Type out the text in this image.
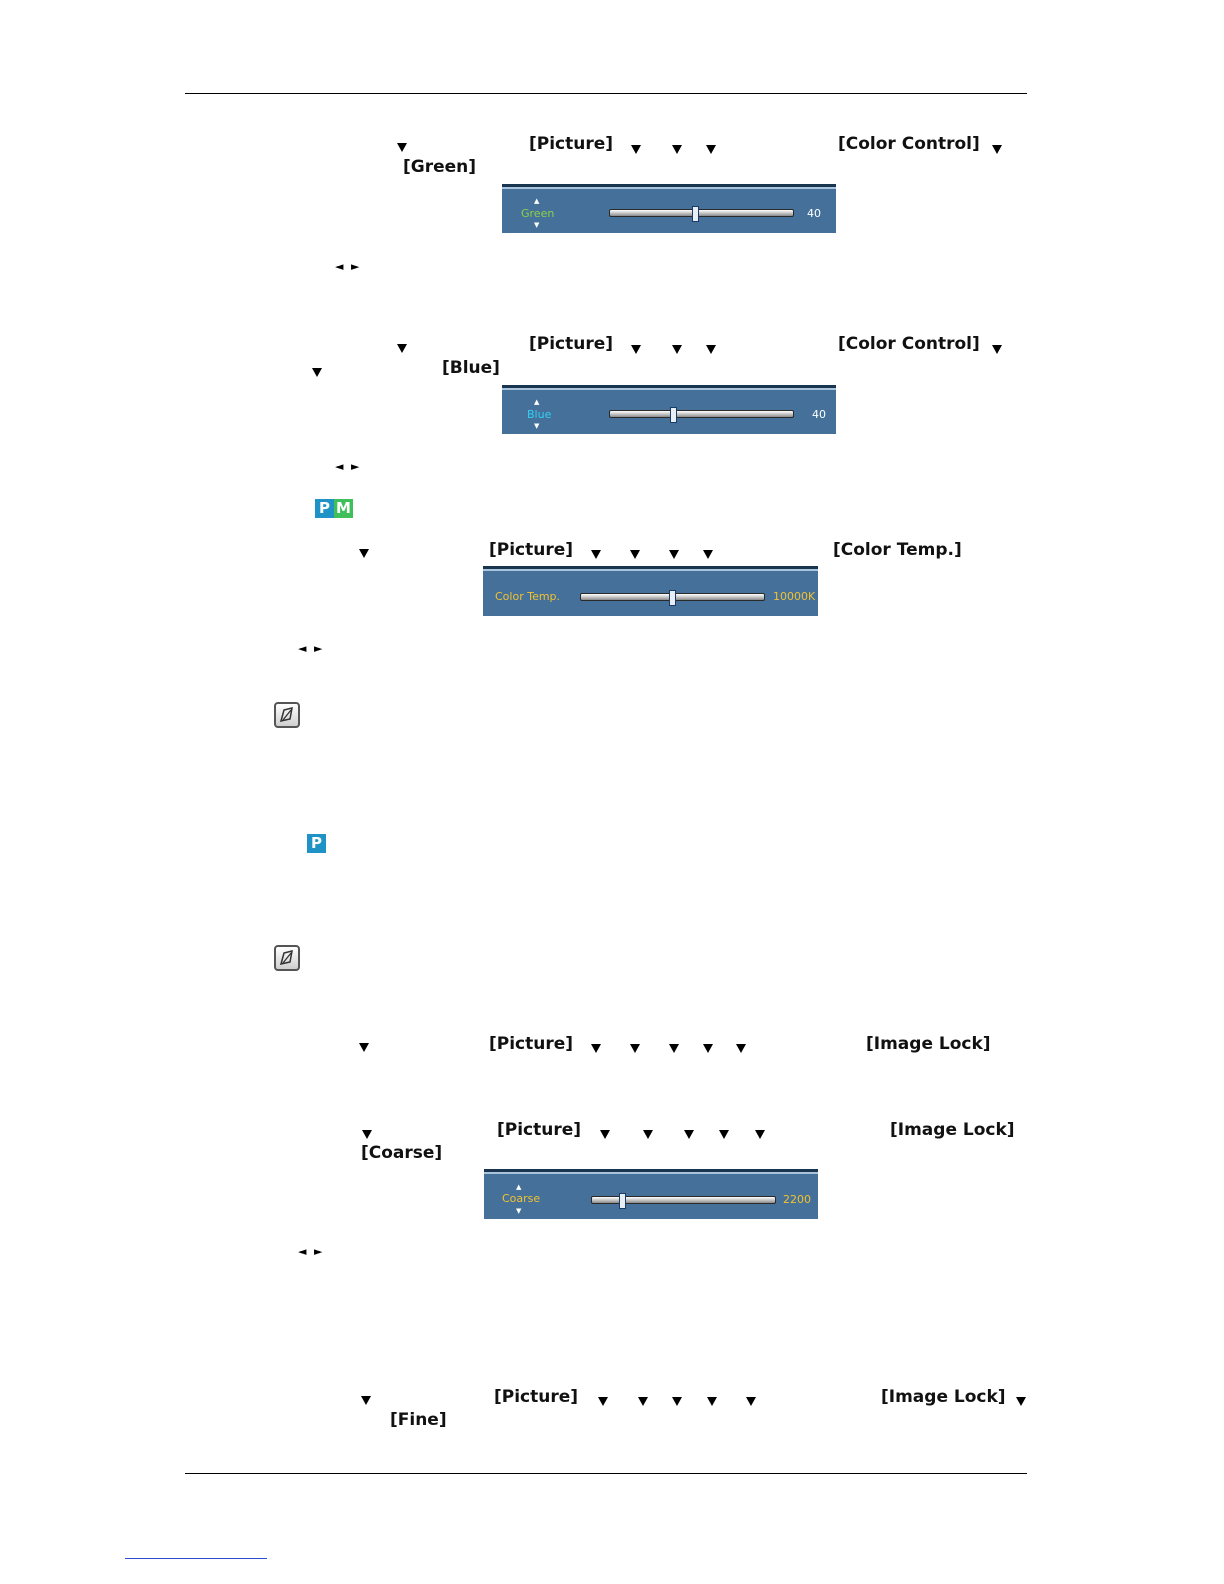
[Picture]	[Color Control]
[Green]
▲
Green
▼
40
◄ ►
[Picture]	[Color Control]
[Blue]
▲
Blue
▼
40
◄ ►
P M
[Picture]	[Color Temp.]
Color Temp.	10000K
◄ ►
P
[Picture]	[Image Lock]
[Picture]	[Image Lock]
[Coarse]
▲
Coarse
▼
2200
◄ ►
[Picture]	[Image Lock]
[Fine]
